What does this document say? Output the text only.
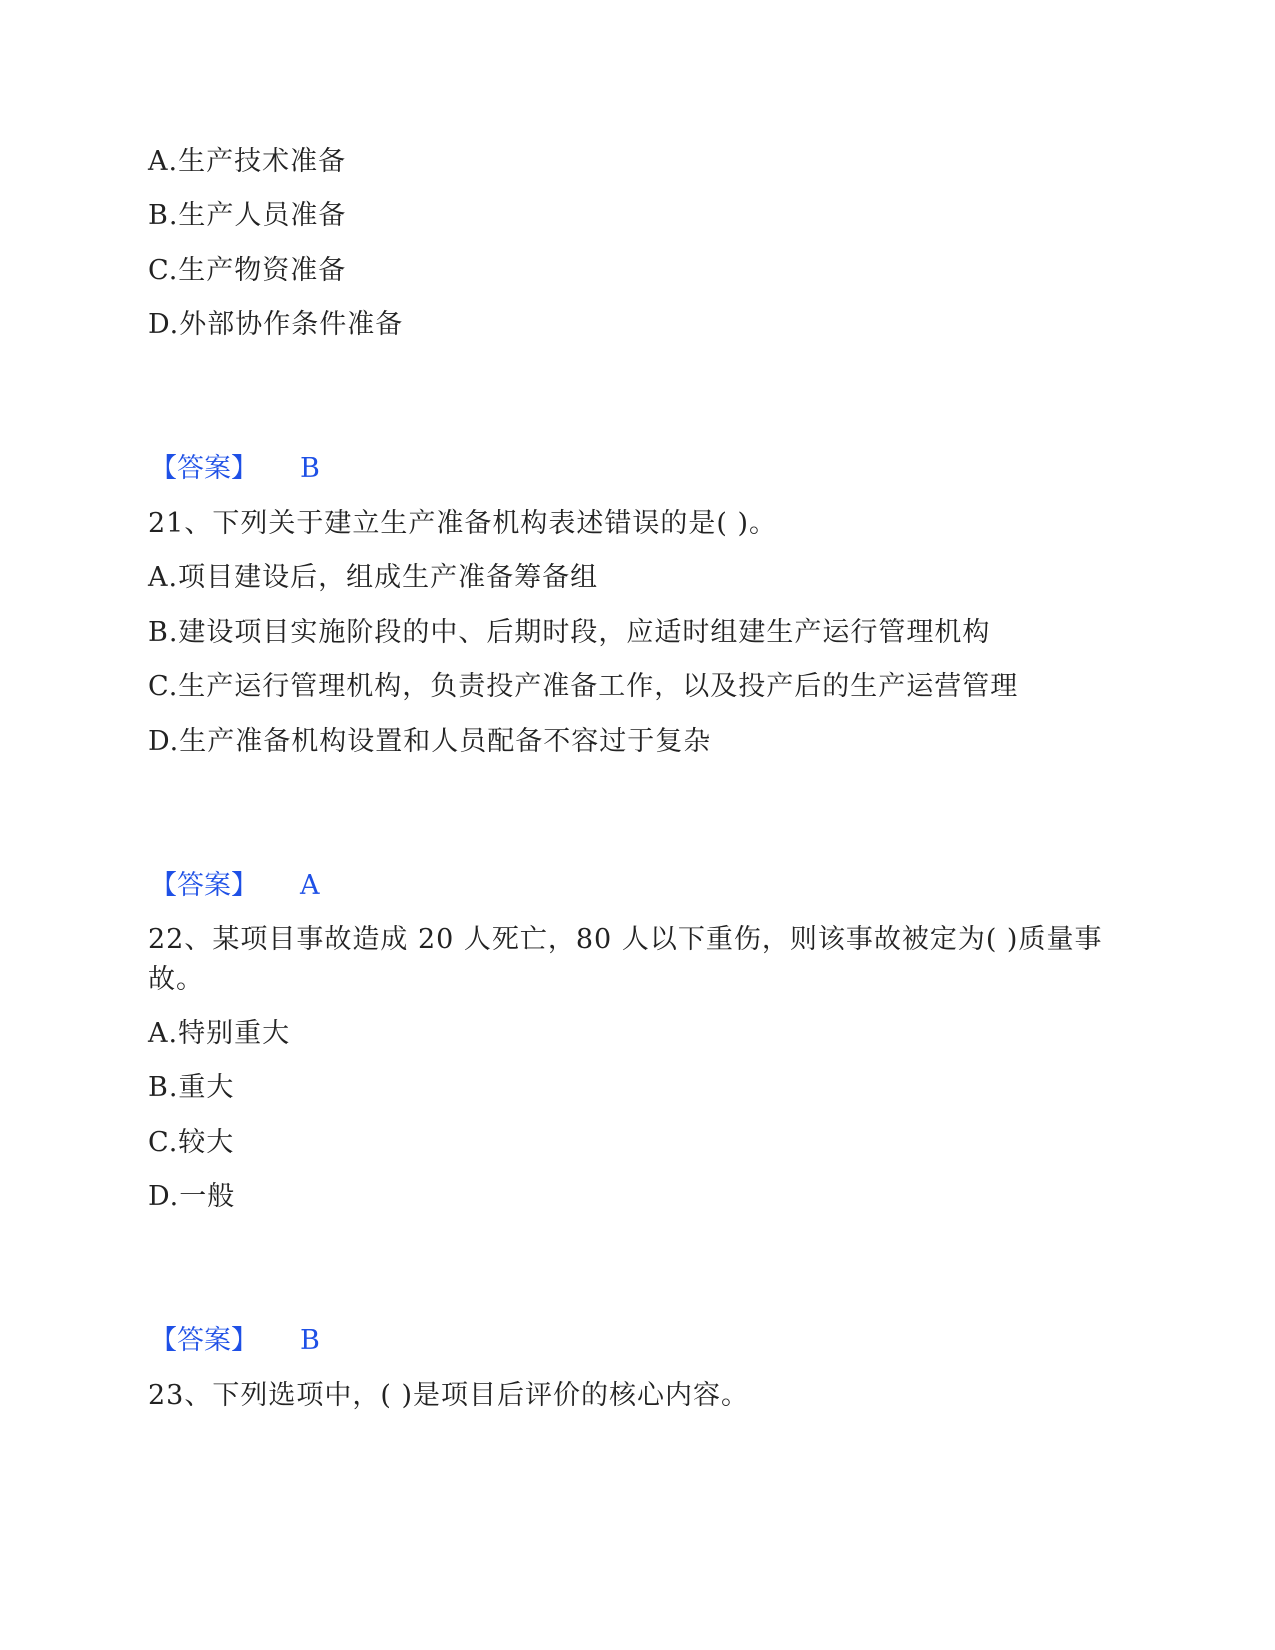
A.生产技术准备
B.生产人员准备
C.生产物资准备
D.外部协作条件准备
【答案】 B
21、下列关于建立生产准备机构表述错误的是( )。
A.项目建设后，组成生产准备筹备组
B.建设项目实施阶段的中、后期时段，应适时组建生产运行管理机构
C.生产运行管理机构，负责投产准备工作，以及投产后的生产运营管理
D.生产准备机构设置和人员配备不容过于复杂
【答案】 A
22、某项目事故造成 20 人死亡，80 人以下重伤，则该事故被定为( )质量事故。
A.特别重大
B.重大
C.较大
D.一般
【答案】 B
23、下列选项中，( )是项目后评价的核心内容。
